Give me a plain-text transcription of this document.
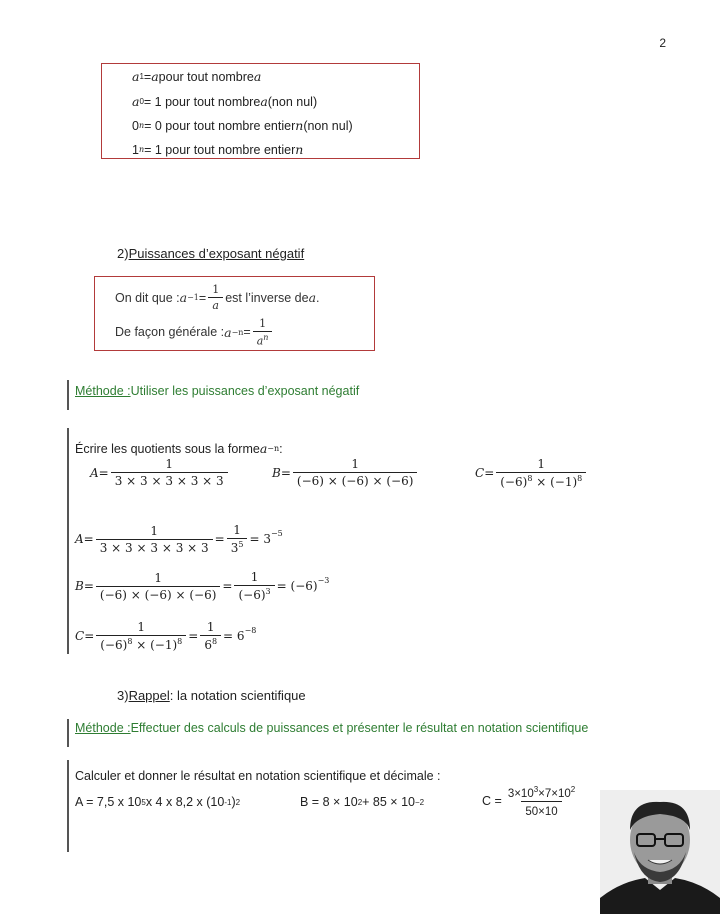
2
a 1 = a pour tout nombre a
a 0 = 1 pour tout nombre a (non nul)
0 n = 0 pour tout nombre entier n (non nul)
1 n = 1 pour tout nombre entier n
2) Puissances d’exposant négatif
On dit que : $a -1 = \frac{1}{a}$ est l’inverse de a .
De façon générale : $a -n = \frac{1}{a^n}$
Méthode : Utiliser les puissances d’exposant négatif
Écrire les quotients sous la forme a −n :
$A = \frac{1}{3 \times 3 \times 3 \times 3 \times 3}$	$B = \frac{1}{(-6) \times (-6) \times (-6)}$	$C = \frac{1}{(-6)^8 \times (-1)^8}$
$A = \frac{1}{3 \times 3 \times 3 \times 3 \times 3} = \frac{1}{3^5} = 3^{-5}$
$B = \frac{1}{(-6) \times (-6) \times (-6)} = \frac{1}{(-6)^3} = (-6)^{-3}$
$C = \frac{1}{(-6)^8 \times (-1)^8} = \frac{1}{6^8} = 6^{-8}$
3) Rappel : la notation scientifique
Méthode : Effectuer des calculs de puissances et présenter le résultat en notation scientifique
Calculer et donner le résultat en notation scientifique et décimale :
A = 7,5 x 10 5 x 4 x 8,2 x (10 -1 ) 2	B = 8 × 10 2 + 85 × 10 −2	$C = \frac{3\times 10^3\times 7\times 10^2}{50\times 10}$
